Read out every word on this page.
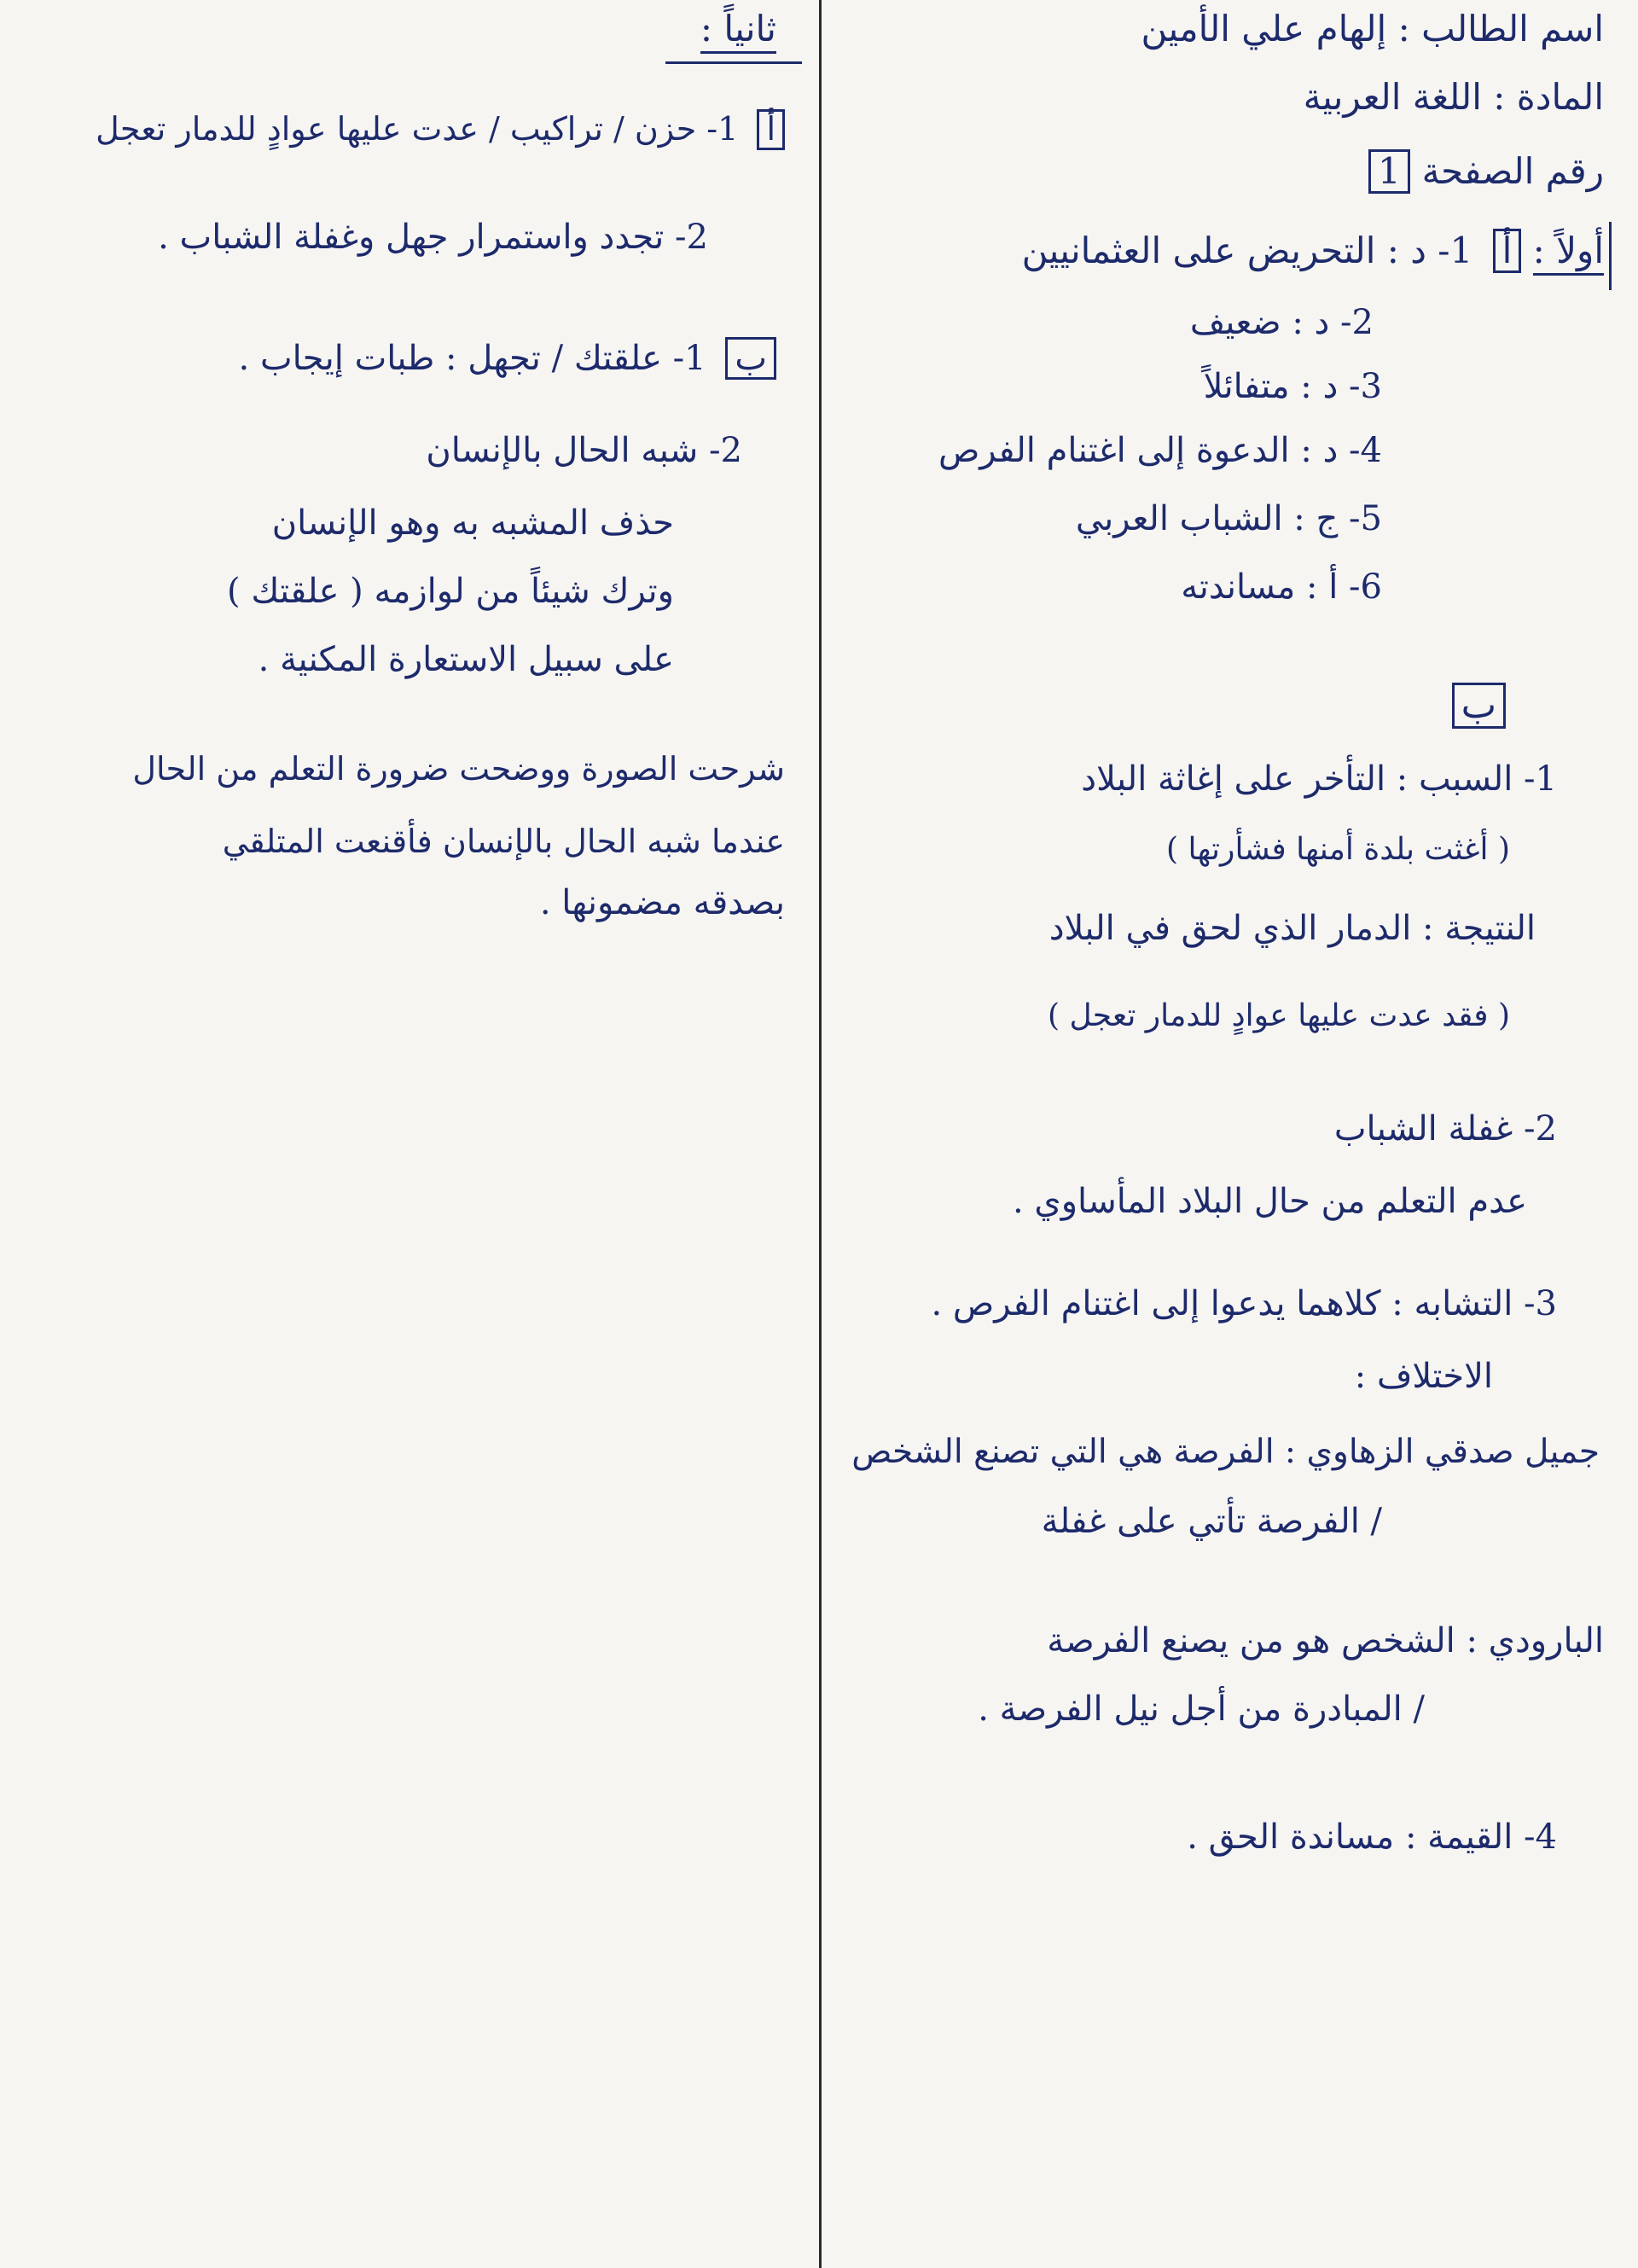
اسم الطالب : إلهام علي الأمين
المادة : اللغة العربية
رقم الصفحة 1
أولاً : أ 1- د : التحريض على العثمانيين
2- د : ضعيف
3- د : متفائلاً
4- د : الدعوة إلى اغتنام الفرص
5- ج : الشباب العربي
6- أ : مساندته
ب
1- السبب : التأخر على إغاثة البلاد
( أغثت بلدة أمنها فشأرتها )
النتيجة : الدمار الذي لحق في البلاد
( فقد عدت عليها عوادٍ للدمار تعجل )
2- غفلة الشباب
عدم التعلم من حال البلاد المأساوي .
3- التشابه : كلاهما يدعوا إلى اغتنام الفرص .
الاختلاف :
جميل صدقي الزهاوي : الفرصة هي التي تصنع الشخص
/ الفرصة تأتي على غفلة
البارودي : الشخص هو من يصنع الفرصة
/ المبادرة من أجل نيل الفرصة .
4- القيمة : مساندة الحق .
ثانياً :
أ 1- حزن / تراكيب / عدت عليها عوادٍ للدمار تعجل
2- تجدد واستمرار جهل وغفلة الشباب .
ب 1- علقتك / تجهل : طبات إيجاب .
2- شبه الحال بالإنسان
حذف المشبه به وهو الإنسان
وترك شيئاً من لوازمه ( علقتك )
على سبيل الاستعارة المكنية .
شرحت الصورة ووضحت ضرورة التعلم من الحال
عندما شبه الحال بالإنسان فأقنعت المتلقي
بصدقه مضمونها .
